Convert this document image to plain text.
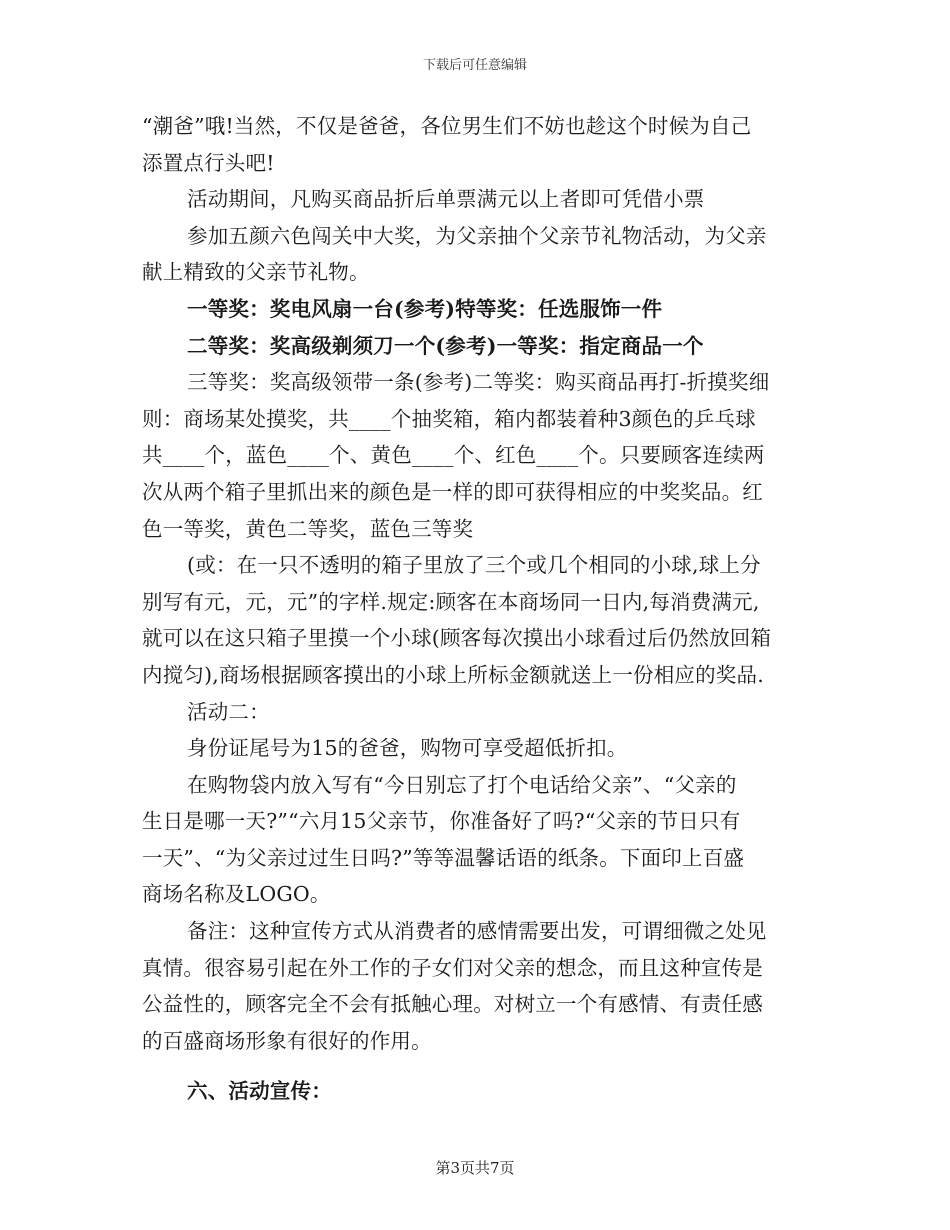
下载后可任意编辑
“潮爸”哦!当然，不仅是爸爸，各位男生们不妨也趁这个时候为自己
添置点行头吧!
活动期间，凡购买商品折后单票满元以上者即可凭借小票
参加五颜六色闯关中大奖，为父亲抽个父亲节礼物活动，为父亲
献上精致的父亲节礼物。
一等奖：奖电风扇一台(参考)特等奖：任选服饰一件
二等奖：奖高级剃须刀一个(参考)一等奖：指定商品一个
三等奖：奖高级领带一条(参考)二等奖：购买商品再打-折摸奖细
则：商场某处摸奖，共____个抽奖箱，箱内都装着种3颜色的乒乓球
共____个，蓝色____个、黄色____个、红色____个。只要顾客连续两
次从两个箱子里抓出来的颜色是一样的即可获得相应的中奖奖品。红
色一等奖，黄色二等奖，蓝色三等奖
(或：在一只不透明的箱子里放了三个或几个相同的小球,球上分
别写有元，元，元”的字样.规定:顾客在本商场同一日内,每消费满元,
就可以在这只箱子里摸一个小球(顾客每次摸出小球看过后仍然放回箱
内搅匀),商场根据顾客摸出的小球上所标金额就送上一份相应的奖品.
活动二：
身份证尾号为15的爸爸，购物可享受超低折扣。
在购物袋内放入写有“今日别忘了打个电话给父亲”、“父亲的
生日是哪一天?”“六月15父亲节，你准备好了吗?“父亲的节日只有
一天”、“为父亲过过生日吗?”等等温馨话语的纸条。下面印上百盛
商场名称及LOGO。
备注：这种宣传方式从消费者的感情需要出发，可谓细微之处见
真情。很容易引起在外工作的子女们对父亲的想念，而且这种宣传是
公益性的，顾客完全不会有抵触心理。对树立一个有感情、有责任感
的百盛商场形象有很好的作用。
六、活动宣传：
第3页共7页
